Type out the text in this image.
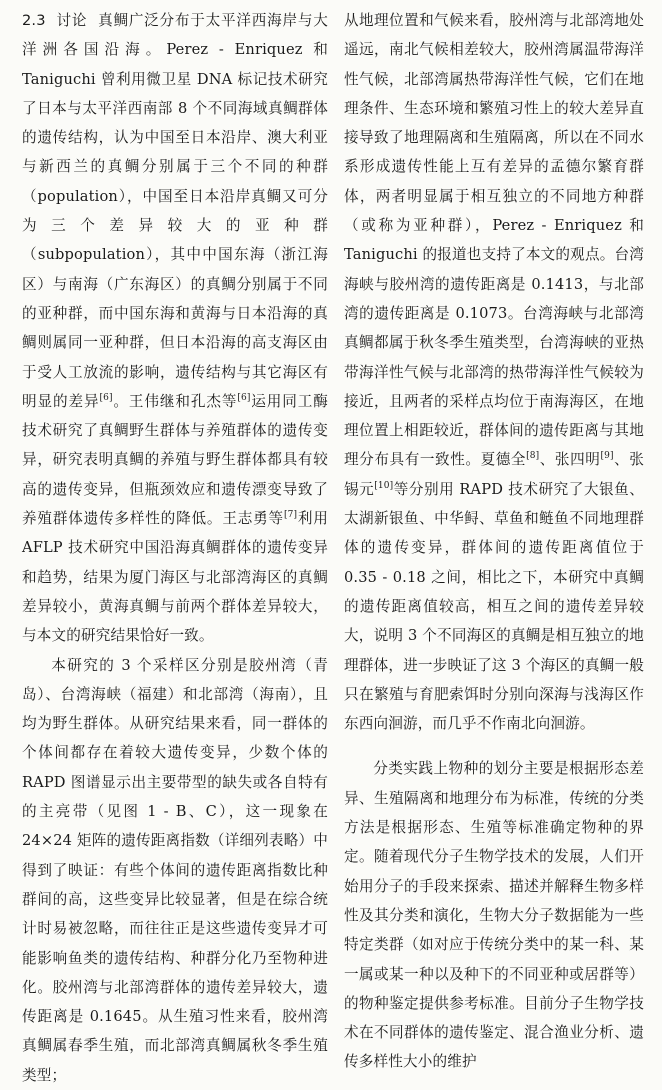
2.3 讨论 真鲷广泛分布于太平洋西海岸与大洋洲各国沿海。Perez - Enriquez 和 Taniguchi 曾利用微卫星 DNA 标记技术研究了日本与太平洋西南部 8 个不同海域真鲷群体的遗传结构，认为中国至日本沿岸、澳大利亚与新西兰的真鲷分别属于三个不同的种群（population），中国至日本沿岸真鲷又可分为三个差异较大的亚种群（subpopulation），其中中国东海（浙江海区）与南海（广东海区）的真鲷分别属于不同的亚种群，而中国东海和黄海与日本沿海的真鲷则属同一亚种群，但日本沿海的高支海区由于受人工放流的影响，遗传结构与其它海区有明显的差异[6]。王伟继和孔杰等[6]运用同工酶技术研究了真鲷野生群体与养殖群体的遗传变异，研究表明真鲷的养殖与野生群体都具有较高的遗传变异，但瓶颈效应和遗传漂变导致了养殖群体遗传多样性的降低。王志勇等[7]利用 AFLP 技术研究中国沿海真鲷群体的遗传变异和趋势，结果为厦门海区与北部湾海区的真鲷差异较小，黄海真鲷与前两个群体差异较大，与本文的研究结果恰好一致。

本研究的 3 个采样区分别是胶州湾（青岛）、台湾海峡（福建）和北部湾（海南），且均为野生群体。从研究结果来看，同一群体的个体间都存在着较大遗传变异，少数个体的 RAPD 图谱显示出主要带型的缺失或各自特有的主亮带（见图 1 - B、C），这一现象在 24×24 矩阵的遗传距离指数（详细列表略）中得到了映证：有些个体间的遗传距离指数比种群间的高，这些变异比较显著，但是在综合统计时易被忽略，而往往正是这些遗传变异才可能影响鱼类的遗传结构、种群分化乃至物种进化。胶州湾与北部湾群体的遗传差异较大，遗传距离是 0.1645。从生殖习性来看，胶州湾真鲷属春季生殖，而北部湾真鲷属秋冬季生殖类型；

从地理位置和气候来看，胶州湾与北部湾地处遥远，南北气候相差较大，胶州湾属温带海洋性气候，北部湾属热带海洋性气候，它们在地理条件、生态环境和繁殖习性上的较大差异直接导致了地理隔离和生殖隔离，所以在不同水系形成遗传性能上互有差异的孟德尔繁育群体，两者明显属于相互独立的不同地方种群（或称为亚种群），Perez - Enriquez 和 Taniguchi 的报道也支持了本文的观点。台湾海峡与胶州湾的遗传距离是 0.1413，与北部湾的遗传距离是 0.1073。台湾海峡与北部湾真鲷都属于秋冬季生殖类型，台湾海峡的亚热带海洋性气候与北部湾的热带海洋性气候较为接近，且两者的采样点均位于南海海区，在地理位置上相距较近，群体间的遗传距离与其地理分布具有一致性。夏德全[8]、张四明[9]、张锡元[10]等分别用 RAPD 技术研究了大银鱼、太湖新银鱼、中华鲟、草鱼和鲢鱼不同地理群体的遗传变异，群体间的遗传距离值位于 0.35 - 0.18 之间，相比之下，本研究中真鲷的遗传距离值较高，相互之间的遗传差异较大，说明 3 个不同海区的真鲷是相互独立的地理群体，进一步映证了这 3 个海区的真鲷一般只在繁殖与育肥索饵时分别向深海与浅海区作东西向洄游，而几乎不作南北向洄游。

分类实践上物种的划分主要是根据形态差异、生殖隔离和地理分布为标准，传统的分类方法是根据形态、生殖等标准确定物种的界定。随着现代分子生物学技术的发展，人们开始用分子的手段来探索、描述并解释生物多样性及其分类和演化，生物大分子数据能为一些特定类群（如对应于传统分类中的某一科、某一属或某一种以及种下的不同亚种或居群等）的物种鉴定提供参考标准。目前分子生物学技术在不同群体的遗传鉴定、混合渔业分析、遗传多样性大小的维护
